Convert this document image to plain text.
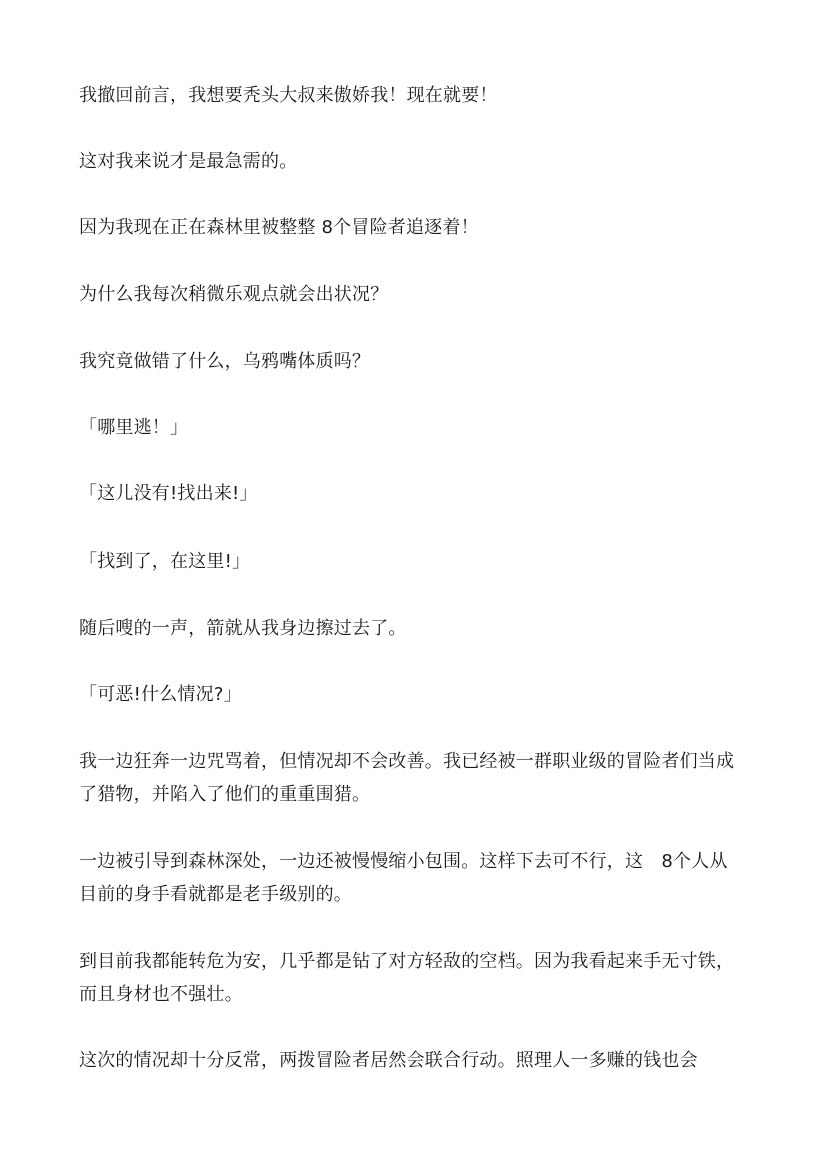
我撤回前言，我想要秃头大叔来傲娇我！现在就要！

这对我来说才是最急需的。

因为我现在正在森林里被整整 8个冒险者追逐着！

为什么我每次稍微乐观点就会出状况？

我究竟做错了什么，乌鸦嘴体质吗？

「哪里逃！」

「这儿没有!找出来!」

「找到了，在这里!」

随后嗖的一声，箭就从我身边擦过去了。

「可恶!什么情况?」

我一边狂奔一边咒骂着，但情况却不会改善。我已经被一群职业级的冒险者们当成了猎物，并陷入了他们的重重围猎。

一边被引导到森林深处，一边还被慢慢缩小包围。这样下去可不行，这　8个人从目前的身手看就都是老手级别的。

到目前我都能转危为安，几乎都是钻了对方轻敌的空档。因为我看起来手无寸铁，而且身材也不强壮。

这次的情况却十分反常，两拨冒险者居然会联合行动。照理人一多赚的钱也会
